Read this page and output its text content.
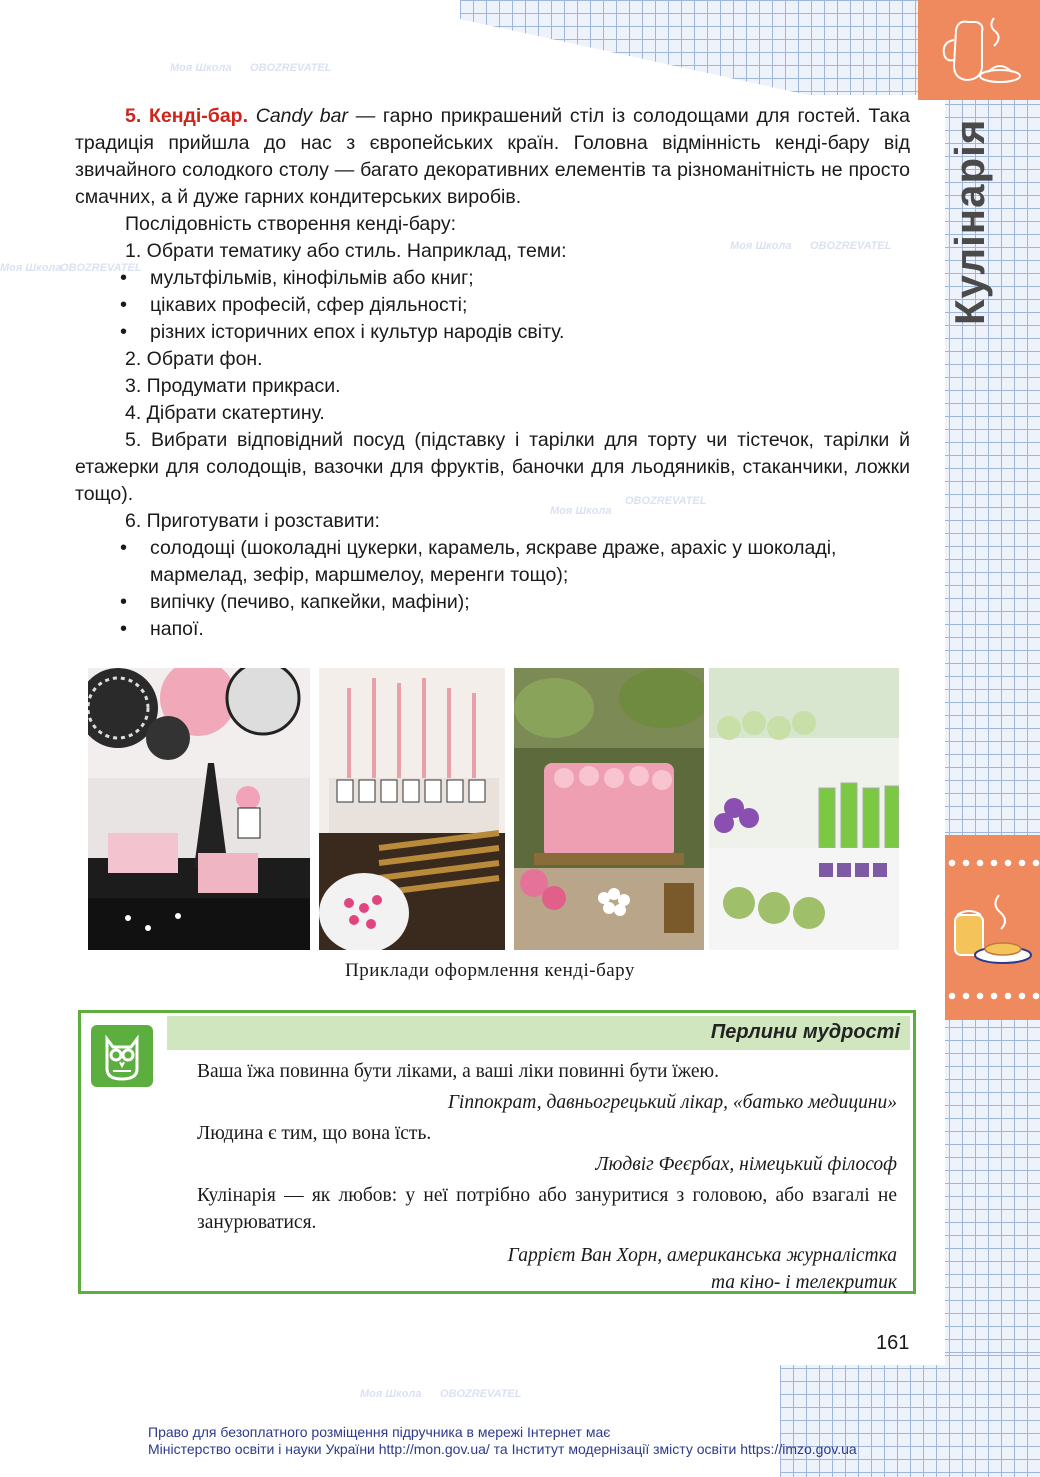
Моя Школа OBOZREVATEL
Моя Школа
OBOZREVATEL
Моя Школа OBOZREVATEL
Моя Школа
OBOZREVATEL
Моя Школа OBOZREVATEL
Кулінарія

5. Кенді-бар. Candy bar — гарно прикрашений стіл із солодощами для гостей. Така традиція прийшла до нас з європейських країн. Головна відмінність кенді-бару від звичайного солодкого столу — багато декоративних елементів та різноманітність не просто смачних, а й дуже гарних кондитерських виробів.

Послідовність створення кенді-бару:

1. Обрати тематику або стиль. Наприклад, теми:

• мультфільмів, кінофільмів або книг;

• цікавих професій, сфер діяльності;

• різних історичних епох і культур народів світу.

2. Обрати фон.

3. Продумати прикраси.

4. Дібрати скатертину.

5. Вибрати відповідний посуд (підставку і тарілки для торту чи тістечок, тарілки й етажерки для солодощів, вазочки для фруктів, баночки для льодяників, стаканчики, ложки тощо).

6. Приготувати і розставити:

• солодощі (шоколадні цукерки, карамель, яскраве драже, арахіс у шоколаді, мармелад, зефір, маршмелоу, меренги тощо);

• випічку (печиво, капкейки, мафіни);

• напої.

Приклади оформлення кенді-бару
Перлини мудрості

Ваша їжа повинна бути ліками, а ваші ліки повинні бути їжею.

Гіппократ, давньогрецький лікар, «батько медицини»

Людина є тим, що вона їсть.

Людвіг Феєрбах, німецький філософ

Кулінарія — як любов: у неї потрібно або зануритися з головою, або взагалі не занурюватися.

Гаррієт Ван Хорн, американська журналістка

та кіно- і телекритик

161
Право для безоплатного розміщення підручника в мережі Інтернет має
Міністерство освіти і науки України http://mon.gov.ua/ та Інститут модернізації змісту освіти https://imzo.gov.ua
